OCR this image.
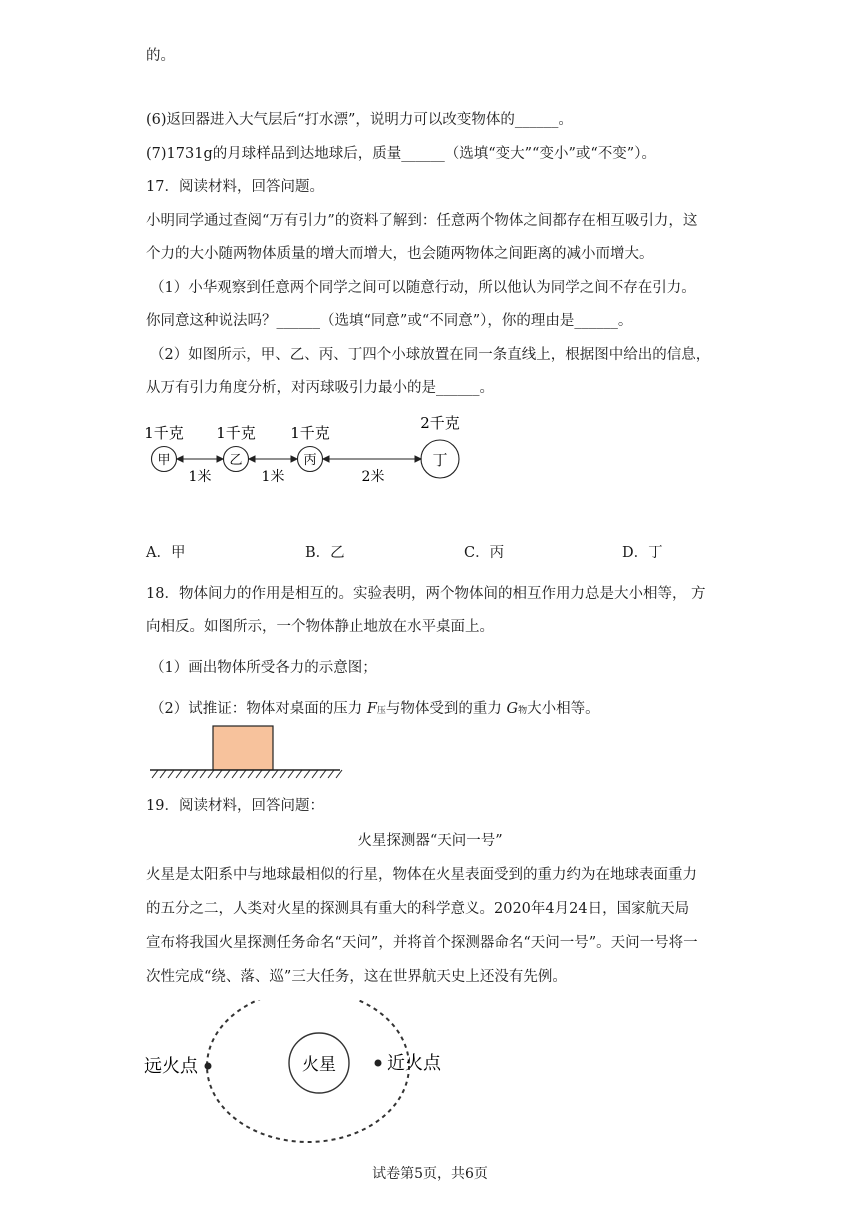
的。
(6)返回器进入大气层后“打水漂”，说明力可以改变物体的______。
(7)1731g的月球样品到达地球后，质量______（选填“变大”“变小”或“不变”）。
17．阅读材料，回答问题。
小明同学通过查阅“万有引力”的资料了解到：任意两个物体之间都存在相互吸引力，这
个力的大小随两物体质量的增大而增大，也会随两物体之间距离的减小而增大。
（1）小华观察到任意两个同学之间可以随意行动，所以他认为同学之间不存在引力。
你同意这种说法吗？______（选填“同意”或“不同意”），你的理由是______。
（2）如图所示，甲、乙、丙、丁四个小球放置在同一条直线上，根据图中给出的信息，
从万有引力角度分析，对丙球吸引力最小的是______。
1千克 1千克 1千克
2千克
甲	乙	丙	丁
1米	1米	2米
A．甲	B．乙	C．丙	D．丁
18．物体间力的作用是相互的。实验表明，两个物体间的相互作用力总是大小相等， 方
向相反。如图所示，一个物体静止地放在水平桌面上。
（1）画出物体所受各力的示意图；
（2）试推证：物体对桌面的压力 F压与物体受到的重力 G物大小相等。
19．阅读材料，回答问题：
火星探测器“天问一号”
火星是太阳系中与地球最相似的行星，物体在火星表面受到的重力约为在地球表面重力
的五分之二，人类对火星的探测具有重大的科学意义。2020年4月24日，国家航天局
宣布将我国火星探测任务命名“天问”，并将首个探测器命名“天问一号”。天问一号将一
次性完成“绕、落、巡”三大任务，这在世界航天史上还没有先例。
火星
远火点	近火点
试卷第5页，共6页
